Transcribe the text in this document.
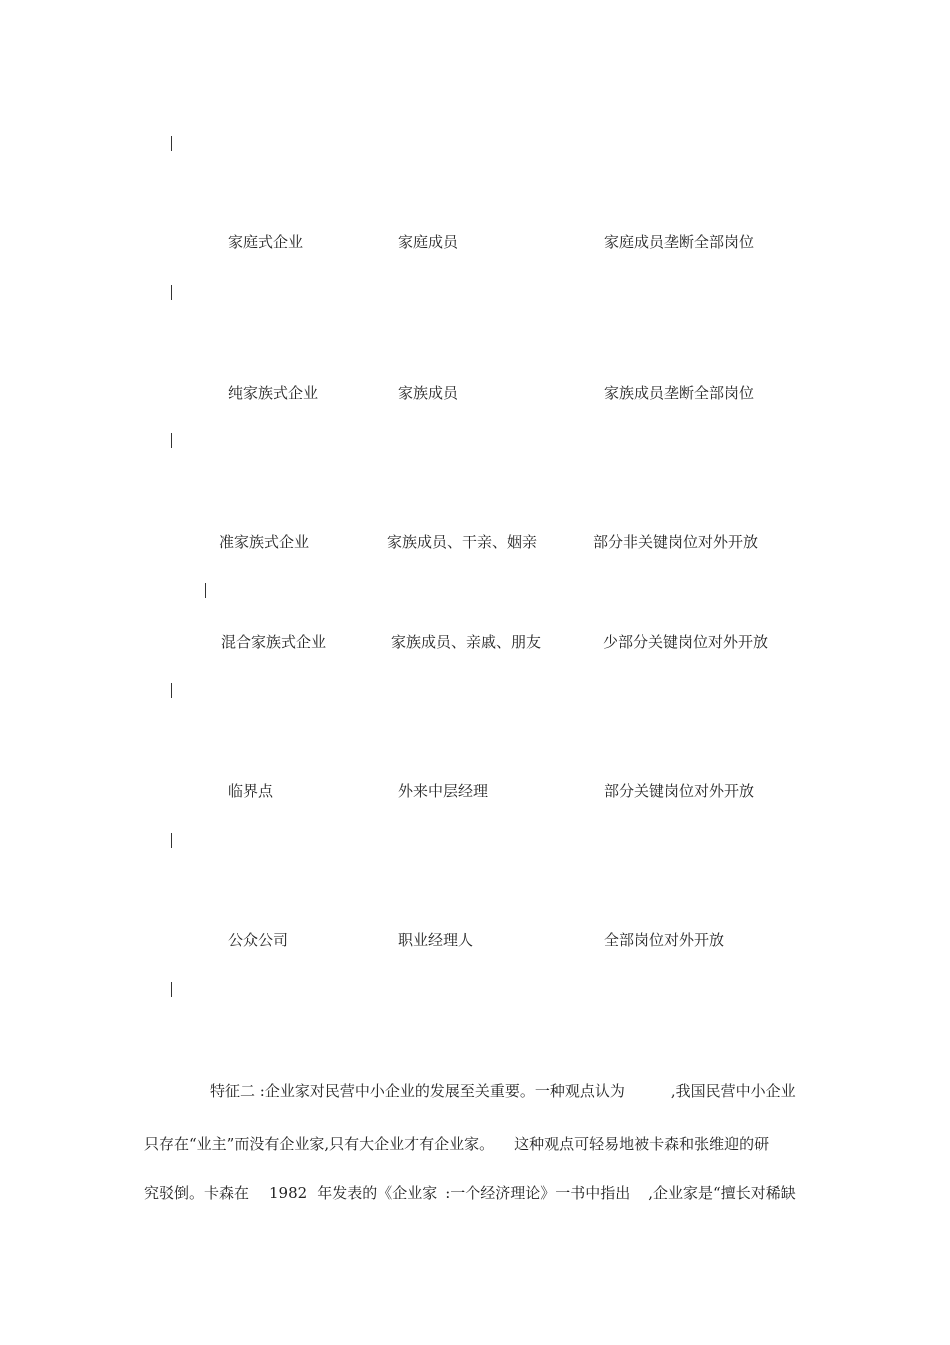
家庭式企业	家庭成员	家庭成员垄断全部岗位
纯家族式企业	家族成员	家族成员垄断全部岗位
准家族式企业	家族成员、干亲、姻亲	部分非关键岗位对外开放
混合家族式企业	家族成员、亲戚、朋友	少部分关键岗位对外开放
临界点	外来中层经理	部分关键岗位对外开放
公众公司	职业经理人	全部岗位对外开放
特征二 :企业家对民营中小企业的发展至关重要。一种观点认为	,我国民营中小企业
只存在“业主”而没有企业家,只有大企业才有企业家。 这种观点可轻易地被卡森和张维迎的研
究驳倒。卡森在 1982 年发表的《企业家 :一个经济理论》一书中指出 ,企业家是“擅长对稀缺
